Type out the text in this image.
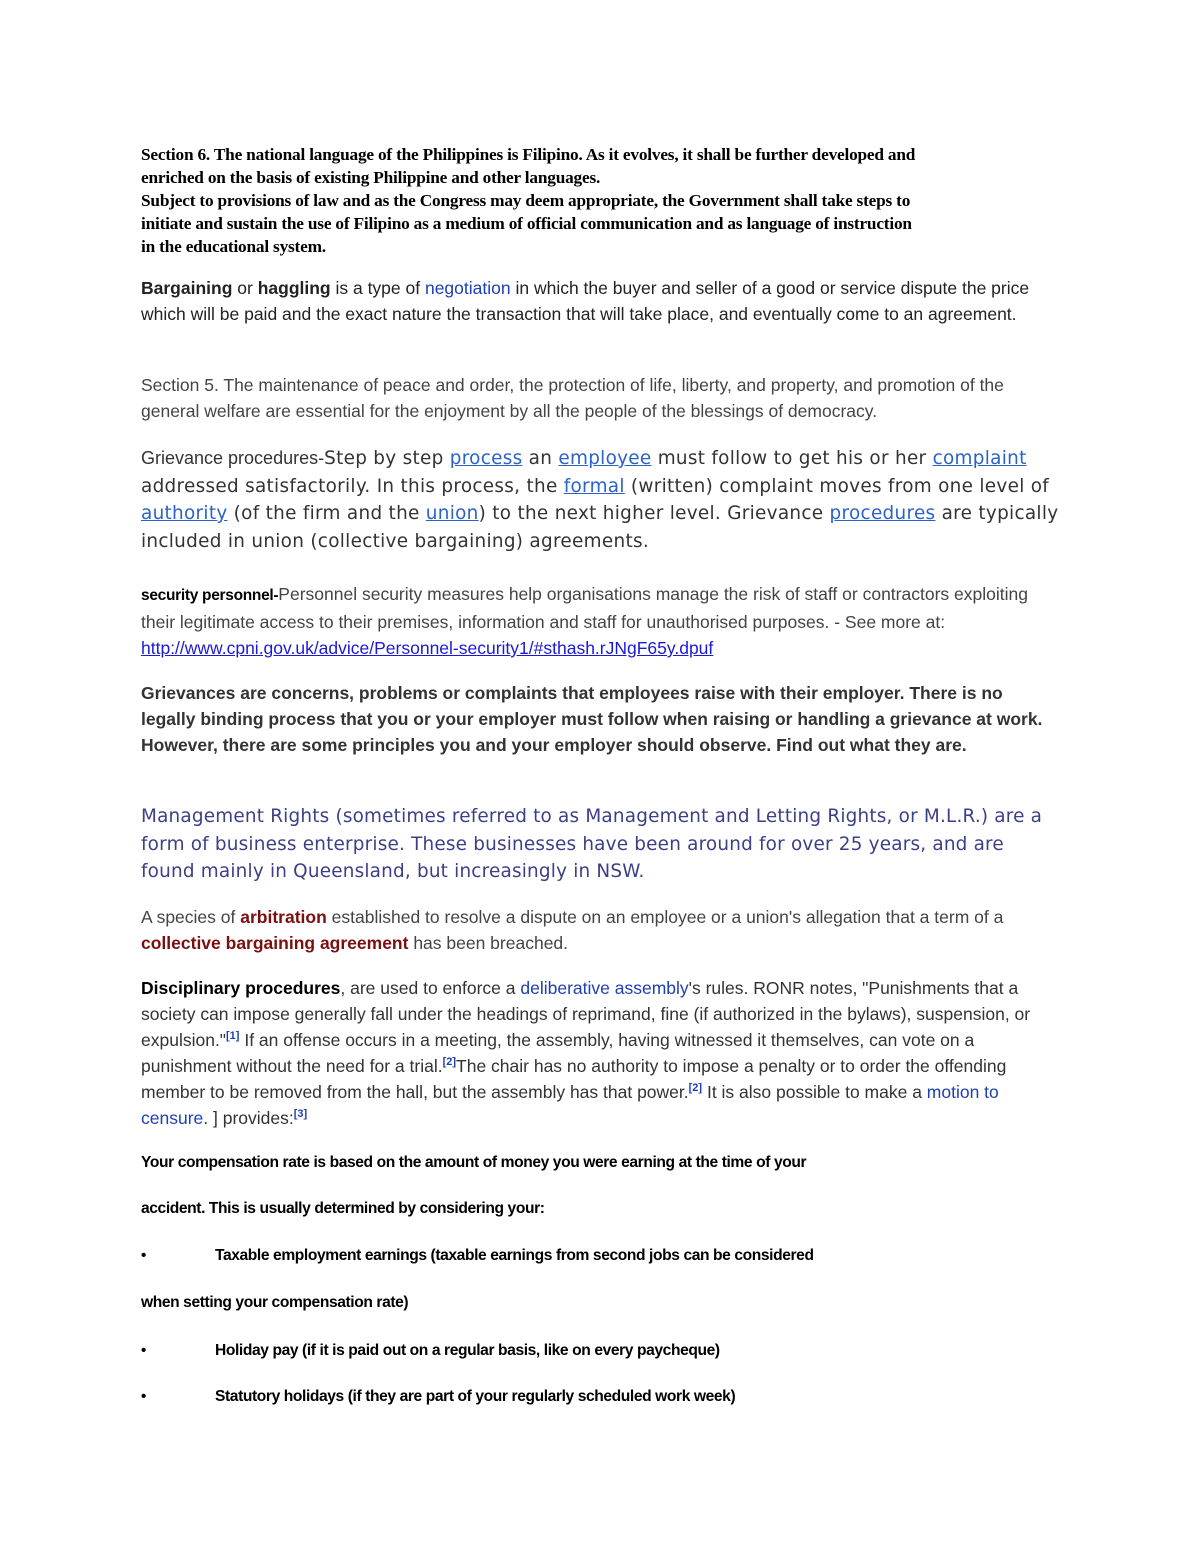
Section 6. The national language of the Philippines is Filipino. As it evolves, it shall be further developed and
enriched on the basis of existing Philippine and other languages.
Subject to provisions of law and as the Congress may deem appropriate, the Government shall take steps to
initiate and sustain the use of Filipino as a medium of official communication and as language of instruction
in the educational system.
Bargaining or haggling is a type of negotiation in which the buyer and seller of a good or service dispute the price which will be paid and the exact nature the transaction that will take place, and eventually come to an agreement.
Section 5. The maintenance of peace and order, the protection of life, liberty, and property, and promotion of the general welfare are essential for the enjoyment by all the people of the blessings of democracy.
Grievance procedures-Step by step process an employee must follow to get his or her complaint addressed satisfactorily. In this process, the formal (written) complaint moves from one level of authority (of the firm and the union) to the next higher level. Grievance procedures are typically included in union (collective bargaining) agreements.
security personnel-Personnel security measures help organisations manage the risk of staff or contractors exploiting their legitimate access to their premises, information and staff for unauthorised purposes. - See more at: http://www.cpni.gov.uk/advice/Personnel-security1/#sthash.rJNgF65y.dpuf
Grievances are concerns, problems or complaints that employees raise with their employer. There is no legally binding process that you or your employer must follow when raising or handling a grievance at work. However, there are some principles you and your employer should observe. Find out what they are.
Management Rights (sometimes referred to as Management and Letting Rights, or M.L.R.) are a form of business enterprise. These businesses have been around for over 25 years, and are found mainly in Queensland, but increasingly in NSW.
A species of arbitration established to resolve a dispute on an employee or a union's allegation that a term of a collective bargaining agreement has been breached.
Disciplinary procedures, are used to enforce a deliberative assembly's rules. RONR notes, "Punishments that a society can impose generally fall under the headings of reprimand, fine (if authorized in the bylaws), suspension, or expulsion."[1] If an offense occurs in a meeting, the assembly, having witnessed it themselves, can vote on a punishment without the need for a trial.[2]The chair has no authority to impose a penalty or to order the offending member to be removed from the hall, but the assembly has that power.[2] It is also possible to make a motion to censure. ] provides:[3]
Your compensation rate is based on the amount of money you were earning at the time of your
accident. This is usually determined by considering your:
•	Taxable employment earnings (taxable earnings from second jobs can be considered
when setting your compensation rate)
•	Holiday pay (if it is paid out on a regular basis, like on every paycheque)
•	Statutory holidays (if they are part of your regularly scheduled work week)
